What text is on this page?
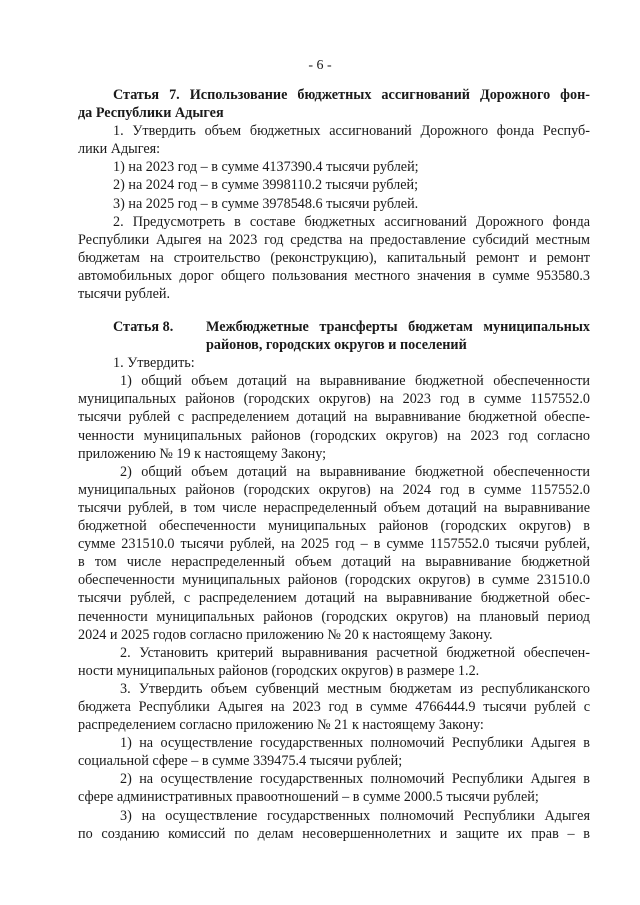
- 6 -
Статья 7. Использование бюджетных ассигнований Дорожного фон-
да Республики Адыгея
1. Утвердить объем бюджетных ассигнований Дорожного фонда Респуб-
лики Адыгея:
1) на 2023 год – в сумме 4137390.4 тысячи рублей;
2) на 2024 год – в сумме 3998110.2 тысячи рублей;
3) на 2025 год – в сумме 3978548.6 тысячи рублей.
2. Предусмотреть в составе бюджетных ассигнований Дорожного фонда
Республики Адыгея на 2023 год средства на предоставление субсидий местным
бюджетам на строительство (реконструкцию), капитальный ремонт и ремонт
автомобильных дорог общего пользования местного значения в сумме 953580.3
тысячи рублей.
Статья 8.	Межбюджетные трансферты бюджетам муниципальных
районов, городских округов и поселений
1. Утвердить:
1) общий объем дотаций на выравнивание бюджетной обеспеченности
муниципальных районов (городских округов) на 2023 год в сумме 1157552.0
тысячи рублей с распределением дотаций на выравнивание бюджетной обеспе-
ченности муниципальных районов (городских округов) на 2023 год согласно
приложению № 19 к настоящему Закону;
2) общий объем дотаций на выравнивание бюджетной обеспеченности
муниципальных районов (городских округов) на 2024 год в сумме 1157552.0
тысячи рублей, в том числе нераспределенный объем дотаций на выравнивание
бюджетной обеспеченности муниципальных районов (городских округов) в
сумме 231510.0 тысячи рублей, на 2025 год – в сумме 1157552.0 тысячи рублей,
в том числе нераспределенный объем дотаций на выравнивание бюджетной
обеспеченности муниципальных районов (городских округов) в сумме 231510.0
тысячи рублей, с распределением дотаций на выравнивание бюджетной обес-
печенности муниципальных районов (городских округов) на плановый период
2024 и 2025 годов согласно приложению № 20 к настоящему Закону.
2. Установить критерий выравнивания расчетной бюджетной обеспечен-
ности муниципальных районов (городских округов) в размере 1.2.
3. Утвердить объем субвенций местным бюджетам из республиканского
бюджета Республики Адыгея на 2023 год в сумме 4766444.9 тысячи рублей с
распределением согласно приложению № 21 к настоящему Закону:
1) на осуществление государственных полномочий Республики Адыгея в
социальной сфере – в сумме 339475.4 тысячи рублей;
2) на осуществление государственных полномочий Республики Адыгея в
сфере административных правоотношений – в сумме 2000.5 тысячи рублей;
3) на осуществление государственных полномочий Республики Адыгея
по созданию комиссий по делам несовершеннолетних и защите их прав – в
